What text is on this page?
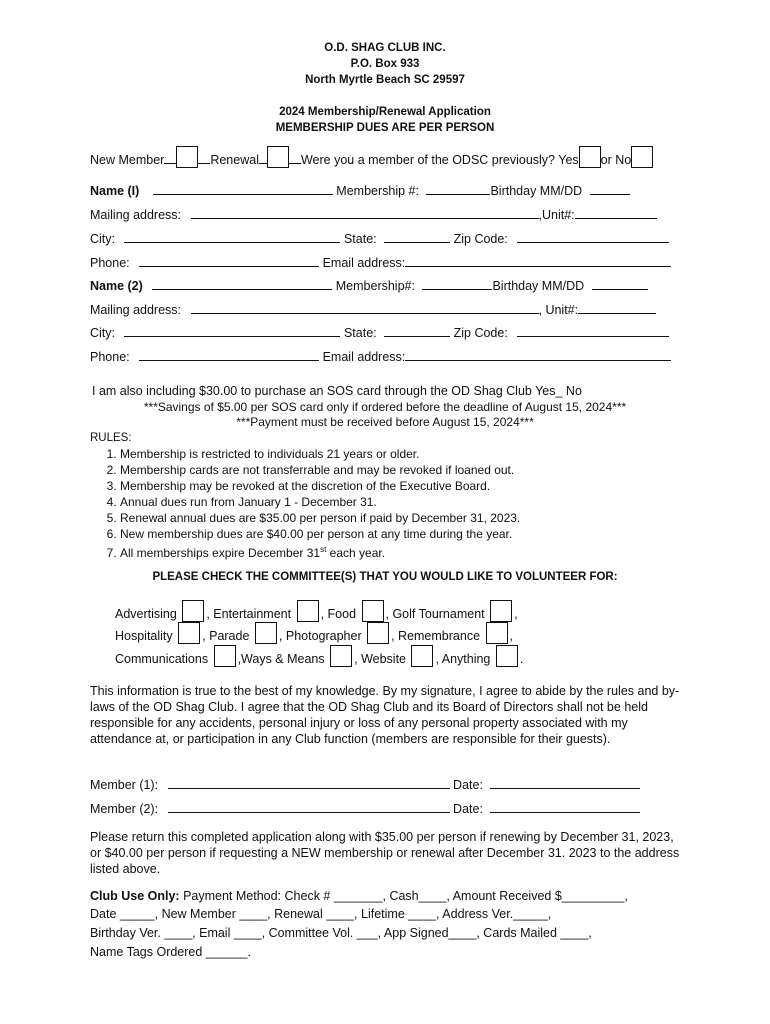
O.D. SHAG CLUB INC.
P.O. Box 933
North Myrtle Beach SC 29597
2024 Membership/Renewal Application
MEMBERSHIP DUES ARE PER PERSON
New Member	Renewal	Were you a member of the ODSC previously? Yes or No
Name (I)	Membership #:	Birthday MM/DD
Mailing address:	,Unit#:
City:	State:	Zip Code:
Phone:	Email address:
Name (2)	Membership#:	Birthday MM/DD
Mailing address:	, Unit#:
City:	State:	Zip Code:
Phone:	Email address:
I am also including $30.00 to purchase an SOS card through the OD Shag Club Yes_ No
***Savings of $5.00 per SOS card only if ordered before the deadline of August 15, 2024***
***Payment must be received before August 15, 2024***
RULES:
1. Membership is restricted to individuals 21 years or older.
2. Membership cards are not transferrable and may be revoked if loaned out.
3. Membership may be revoked at the discretion of the Executive Board.
4. Annual dues run from January 1 - December 31.
5. Renewal annual dues are $35.00 per person if paid by December 31, 2023.
6. New membership dues are $40.00 per person at any time during the year.
7. All memberships expire December 31st each year.
PLEASE CHECK THE COMMITTEE(S) THAT YOU WOULD LIKE TO VOLUNTEER FOR:
Advertising , Entertainment , Food , Golf Tournament ,
Hospitality , Parade , Photographer , Remembrance ,
Communications ,Ways & Means , Website , Anything .
This information is true to the best of my knowledge. By my signature, I agree to abide by the rules and by-laws of the OD Shag Club. I agree that the OD Shag Club and its Board of Directors shall not be held responsible for any accidents, personal injury or loss of any personal property associated with my attendance at, or participation in any Club function (members are responsible for their guests).
Member (1):	Date:
Member (2):	Date:
Please return this completed application along with $35.00 per person if renewing by December 31, 2023, or $40.00 per person if requesting a NEW membership or renewal after December 31. 2023 to the address listed above.
Club Use Only: Payment Method: Check # _______, Cash____, Amount Received $_________,
Date _____, New Member ____, Renewal ____, Lifetime ____, Address Ver._____,
Birthday Ver. ____, Email ____, Committee Vol. ___, App Signed____, Cards Mailed ____,
Name Tags Ordered ______.
